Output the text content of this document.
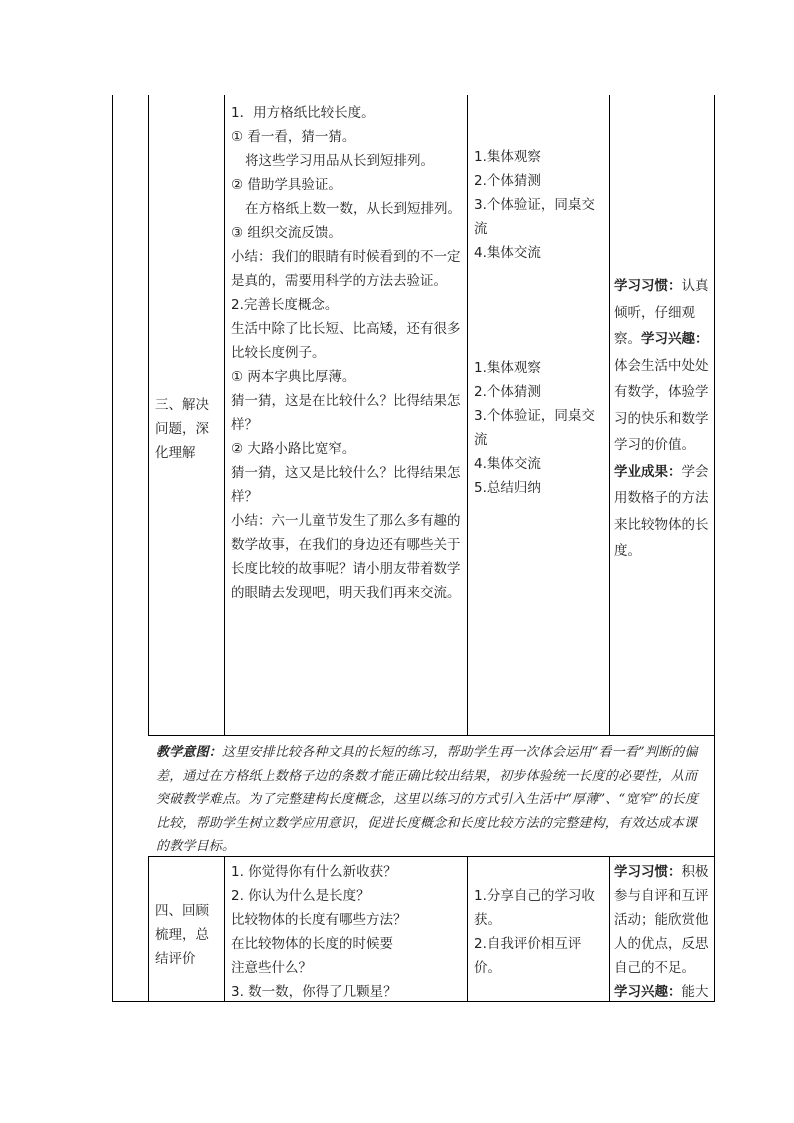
三、解决问题，深化理解

1．用方格纸比较长度。

① 看一看，猜一猜。

将这些学习用品从长到短排列。

② 借助学具验证。

在方格纸上数一数，从长到短排列。

③ 组织交流反馈。

小结：我们的眼睛有时候看到的不一定是真的，需要用科学的方法去验证。

2.完善长度概念。

生活中除了比长短、比高矮，还有很多比较长度例子。

① 两本字典比厚薄。

猜一猜，这是在比较什么？比得结果怎样？

② 大路小路比宽窄。

猜一猜，这又是比较什么？比得结果怎样？

小结：六一儿童节发生了那么多有趣的数学故事，在我们的身边还有哪些关于长度比较的故事呢？请小朋友带着数学的眼睛去发现吧，明天我们再来交流。

1.集体观察

2.个体猜测

3.个体验证，同桌交流

4.集体交流

1.集体观察

2.个体猜测

3.个体验证，同桌交流

4.集体交流

5.总结归纳

学习习惯：认真倾听，仔细观察。学习兴趣：体会生活中处处有数学，体验学习的快乐和数学学习的价值。

学业成果：学会用数格子的方法来比较物体的长度。

教学意图：这里安排比较各种文具的长短的练习，帮助学生再一次体会运用“看一看”判断的偏差，通过在方格纸上数格子边的条数才能正确比较出结果，初步体验统一长度的必要性，从而突破教学难点。为了完整建构长度概念，这里以练习的方式引入生活中“厚薄”、“宽窄”的长度比较，帮助学生树立数学应用意识，促进长度概念和长度比较方法的完整建构，有效达成本课的教学目标。

四、回顾梳理，总结评价

1. 你觉得你有什么新收获？

2. 你认为什么是长度？

比较物体的长度有哪些方法？

在比较物体的长度的时候要

注意些什么？

3. 数一数，你得了几颗星？

1.分享自己的学习收获。

2.自我评价相互评价。

学习习惯：积极参与自评和互评活动；能欣赏他人的优点，反思自己的不足。

学习兴趣：能大
